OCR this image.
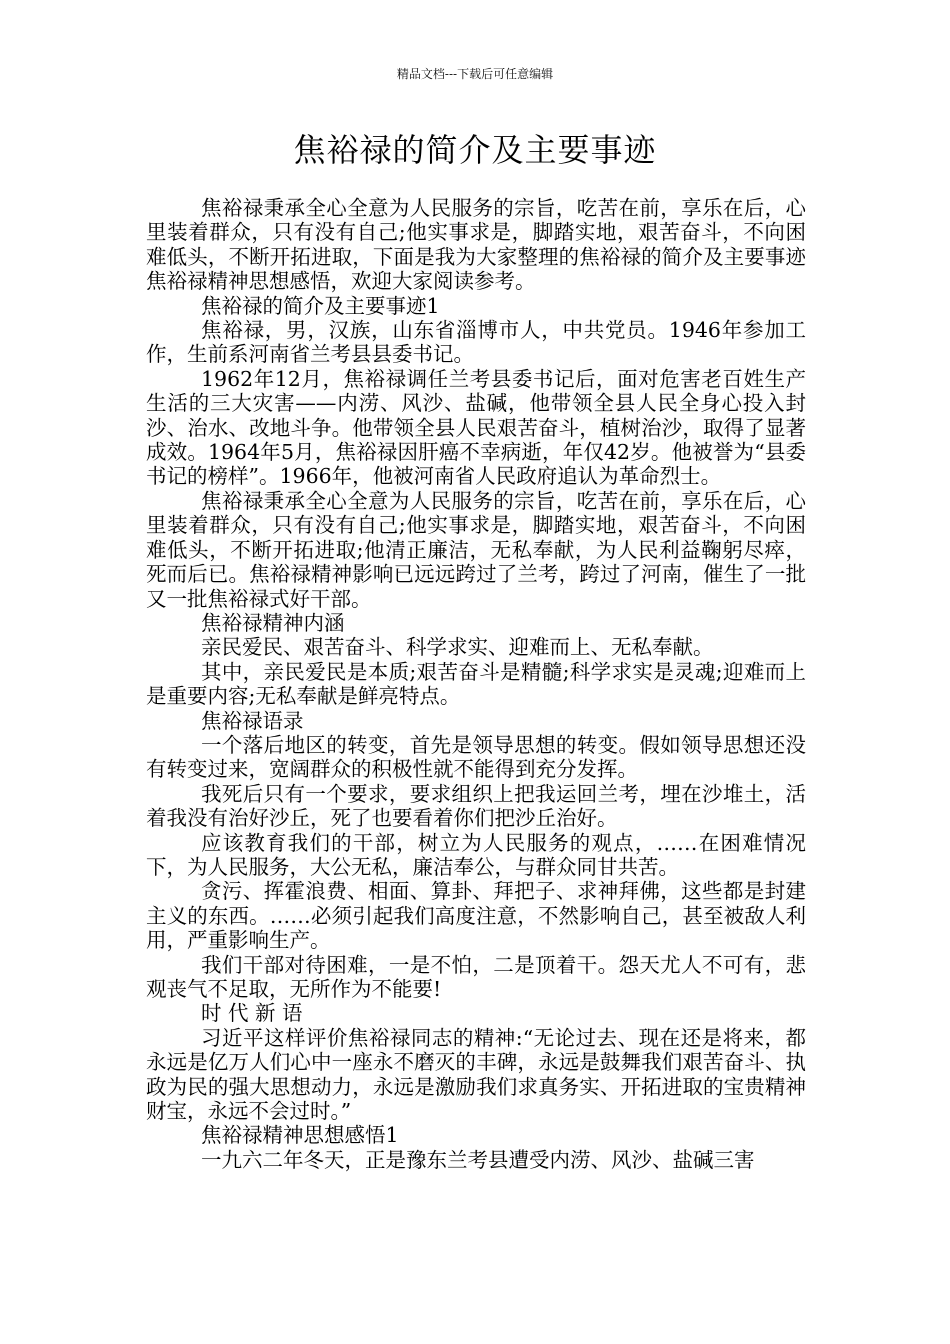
精品文档---下载后可任意编辑
焦裕禄的简介及主要事迹

焦裕禄秉承全心全意为人民服务的宗旨，吃苦在前，享乐在后，心里装着群众，只有没有自己;他实事求是，脚踏实地，艰苦奋斗，不向困难低头，不断开拓进取，下面是我为大家整理的焦裕禄的简介及主要事迹 焦裕禄精神思想感悟，欢迎大家阅读参考。

焦裕禄的简介及主要事迹1

焦裕禄，男，汉族，山东省淄博市人，中共党员。1946年参加工作，生前系河南省兰考县县委书记。

1962年12月，焦裕禄调任兰考县委书记后，面对危害老百姓生产生活的三大灾害——内涝、风沙、盐碱，他带领全县人民全身心投入封沙、治水、改地斗争。他带领全县人民艰苦奋斗，植树治沙，取得了显著成效。1964年5月，焦裕禄因肝癌不幸病逝，年仅42岁。他被誉为“县委书记的榜样”。1966年，他被河南省人民政府追认为革命烈士。

焦裕禄秉承全心全意为人民服务的宗旨，吃苦在前，享乐在后，心里装着群众，只有没有自己;他实事求是，脚踏实地，艰苦奋斗，不向困难低头，不断开拓进取;他清正廉洁，无私奉献，为人民利益鞠躬尽瘁，死而后已。焦裕禄精神影响已远远跨过了兰考，跨过了河南，催生了一批又一批焦裕禄式好干部。

焦裕禄精神内涵

亲民爱民、艰苦奋斗、科学求实、迎难而上、无私奉献。

其中，亲民爱民是本质;艰苦奋斗是精髓;科学求实是灵魂;迎难而上是重要内容;无私奉献是鲜亮特点。

焦裕禄语录

一个落后地区的转变，首先是领导思想的转变。假如领导思想还没有转变过来，宽阔群众的积极性就不能得到充分发挥。

我死后只有一个要求，要求组织上把我运回兰考，埋在沙堆土，活着我没有治好沙丘，死了也要看着你们把沙丘治好。

应该教育我们的干部，树立为人民服务的观点，……在困难情况下，为人民服务，大公无私，廉洁奉公，与群众同甘共苦。

贪污、挥霍浪费、相面、算卦、拜把子、求神拜佛，这些都是封建主义的东西。……必须引起我们高度注意，不然影响自己，甚至被敌人利用，严重影响生产。

我们干部对待困难，一是不怕，二是顶着干。怨天尤人不可有，悲观丧气不足取，无所作为不能要!

时 代 新 语

习近平这样评价焦裕禄同志的精神:“无论过去、现在还是将来，都永远是亿万人们心中一座永不磨灭的丰碑，永远是鼓舞我们艰苦奋斗、执政为民的强大思想动力，永远是激励我们求真务实、开拓进取的宝贵精神财宝，永远不会过时。”

焦裕禄精神思想感悟1

一九六二年冬天，正是豫东兰考县遭受内涝、风沙、盐碱三害
